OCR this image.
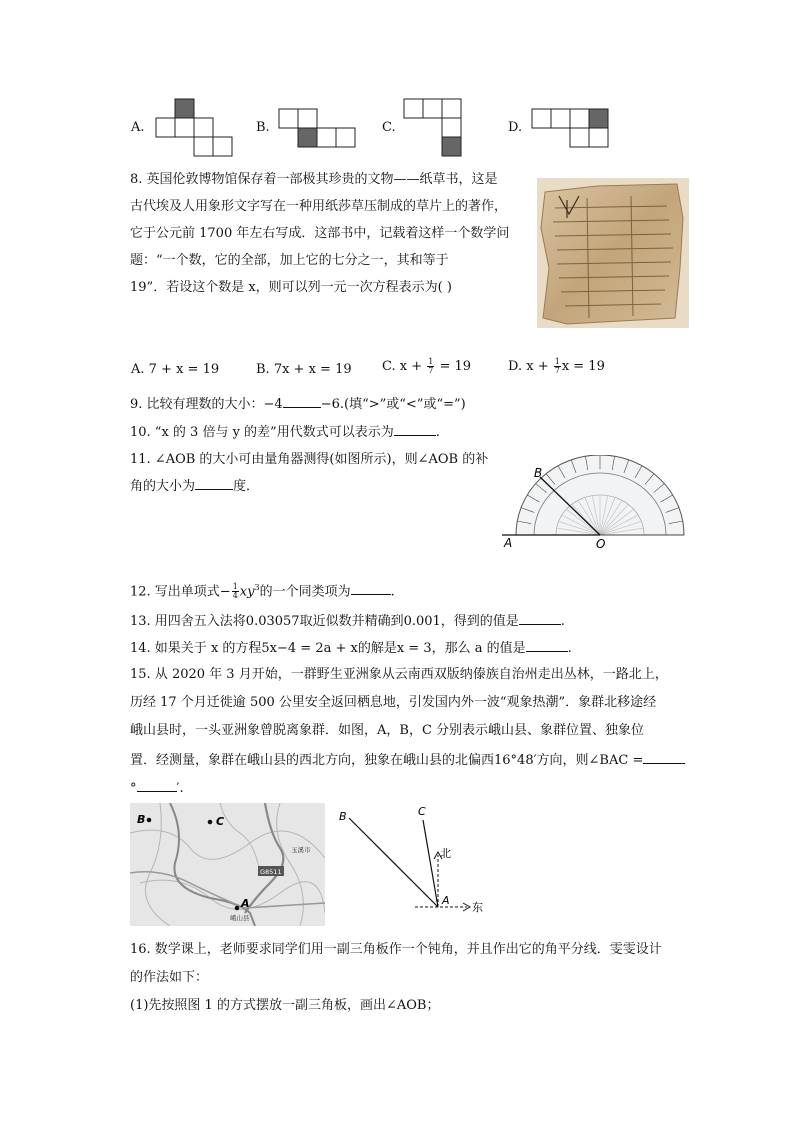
A.	B.	C.	D.
8. 英国伦敦博物馆保存着一部极其珍贵的文物——纸草书，这是
古代埃及人用象形文字写在一种用纸莎草压制成的草片上的著作，
它于公元前 1700 年左右写成．这部书中，记载着这样一个数学问
题：“一个数，它的全部，加上它的七分之一，其和等于
19”．若设这个数是 x，则可以列一元一次方程表示为( )
A. 7 + x = 19	B. 7x + x = 19 C. $x + \frac{1}{7} = 19$	D. $x + \frac{1}{7}$ x = 19
9. 比较有理数的大小：−4	−6.(填“>”或“<”或“=”)
10. “x 的 3 倍与 y 的差”用代数式可以表示为	.
11. ∠AOB 的大小可由量角器测得(如图所示)，则∠AOB 的补
角的大小为	度．
B
A	O
12. 写出单项式− $\frac{1}{4} xy^3$的一个同类项为	.
13. 用四舍五入法将0.03057取近似数并精确到0.001，得到的值是	.
14. 如果关于 x 的方程5x−4 = 2a + x的解是x = 3，那么 a 的值是	.
15. 从 2020 年 3 月开始，一群野生亚洲象从云南西双版纳傣族自治州走出丛林，一路北上，
历经 17 个月迁徙逾 500 公里安全返回栖息地，引发国内外一波“观象热潮”．象群北移途经
峨山县时，一头亚洲象曾脱离象群．如图，A，B，C 分别表示峨山县、象群位置、独象位
置．经测量，象群在峨山县的西北方向，独象在峨山县的北偏西16°48′方向，则∠BAC =
°	′.
G8511
玉溪市
峨山县
B	C
A
B	C
A
北
东
16. 数学课上，老师要求同学们用一副三角板作一个钝角，并且作出它的角平分线．雯雯设计
的作法如下：
(1)先按照图 1 的方式摆放一副三角板，画出∠AOB；
